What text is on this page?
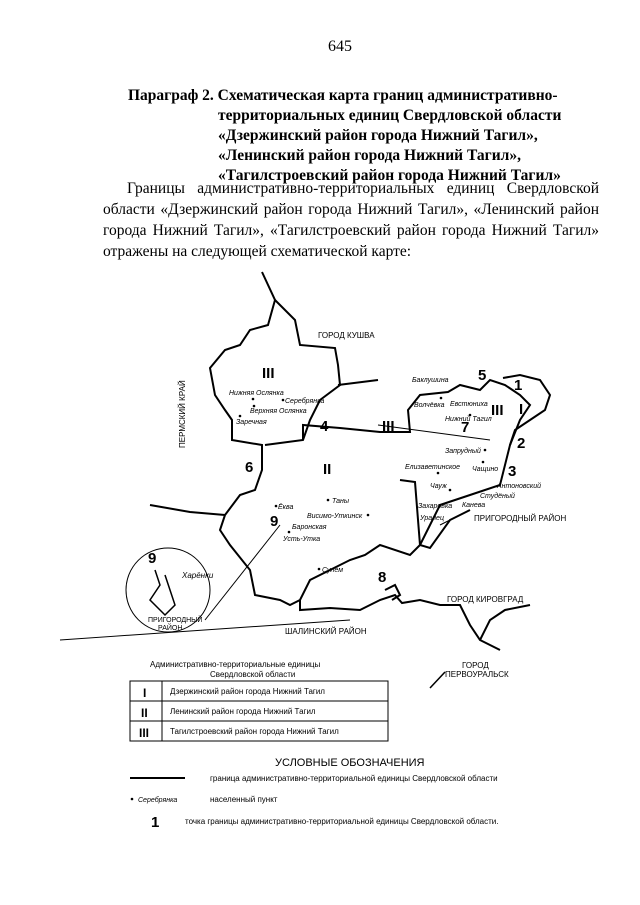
645
Параграф 2. Схематическая карта границ административно-
территориальных единиц Свердловской области
«Дзержинский район города Нижний Тагил»,
«Ленинский район города Нижний Тагил»,
«Тагилстроевский район города Нижний Тагил»
Границы административно-территориальных единиц Свердловской области «Дзержинский район города Нижний Тагил», «Ленинский район города Нижний Тагил», «Тагилстроевский район города Нижний Тагил» отражены на следующей схематической карте:
ГОРОД КУШВА
ПЕРМСКИЙ КРАЙ
ПРИГОРОДНЫЙ РАЙОН
ГОРОД КИРОВГРАД
ШАЛИНСКИЙ РАЙОН
ГОРОД
ПЕРВОУРАЛЬСК
ПРИГОРОДНЫЙ
РАЙОН
III
III
III
II
I
1
2
3
4
5
6
7
8
9
9
Нижняя Ослянка
Серебрянка
Верхняя Ослянка
Заречная
Баклушина
Волчёвка Евстюниха
Нижний Тагил
Запрудный
Елизаветинское Чащино
Чауж	Антоновский
Студёный
Канева
Захаровка
Уралец
Таны
Ёква
Висимо-Уткинск
Баронская
Усть-Утка
Сулём
Харёнки
Административно-территориальные единицы
Свердловской области
I	Дзержинский район города Нижний Тагил
II	Ленинский район города Нижний Тагил
III	Тагилстроевский район города Нижний Тагил
УСЛОВНЫЕ ОБОЗНАЧЕНИЯ
граница административно-территориальной единицы Свердловской области
Серебрянка	населенный пункт
1	точка границы административно-территориальной единицы Свердловской области.
